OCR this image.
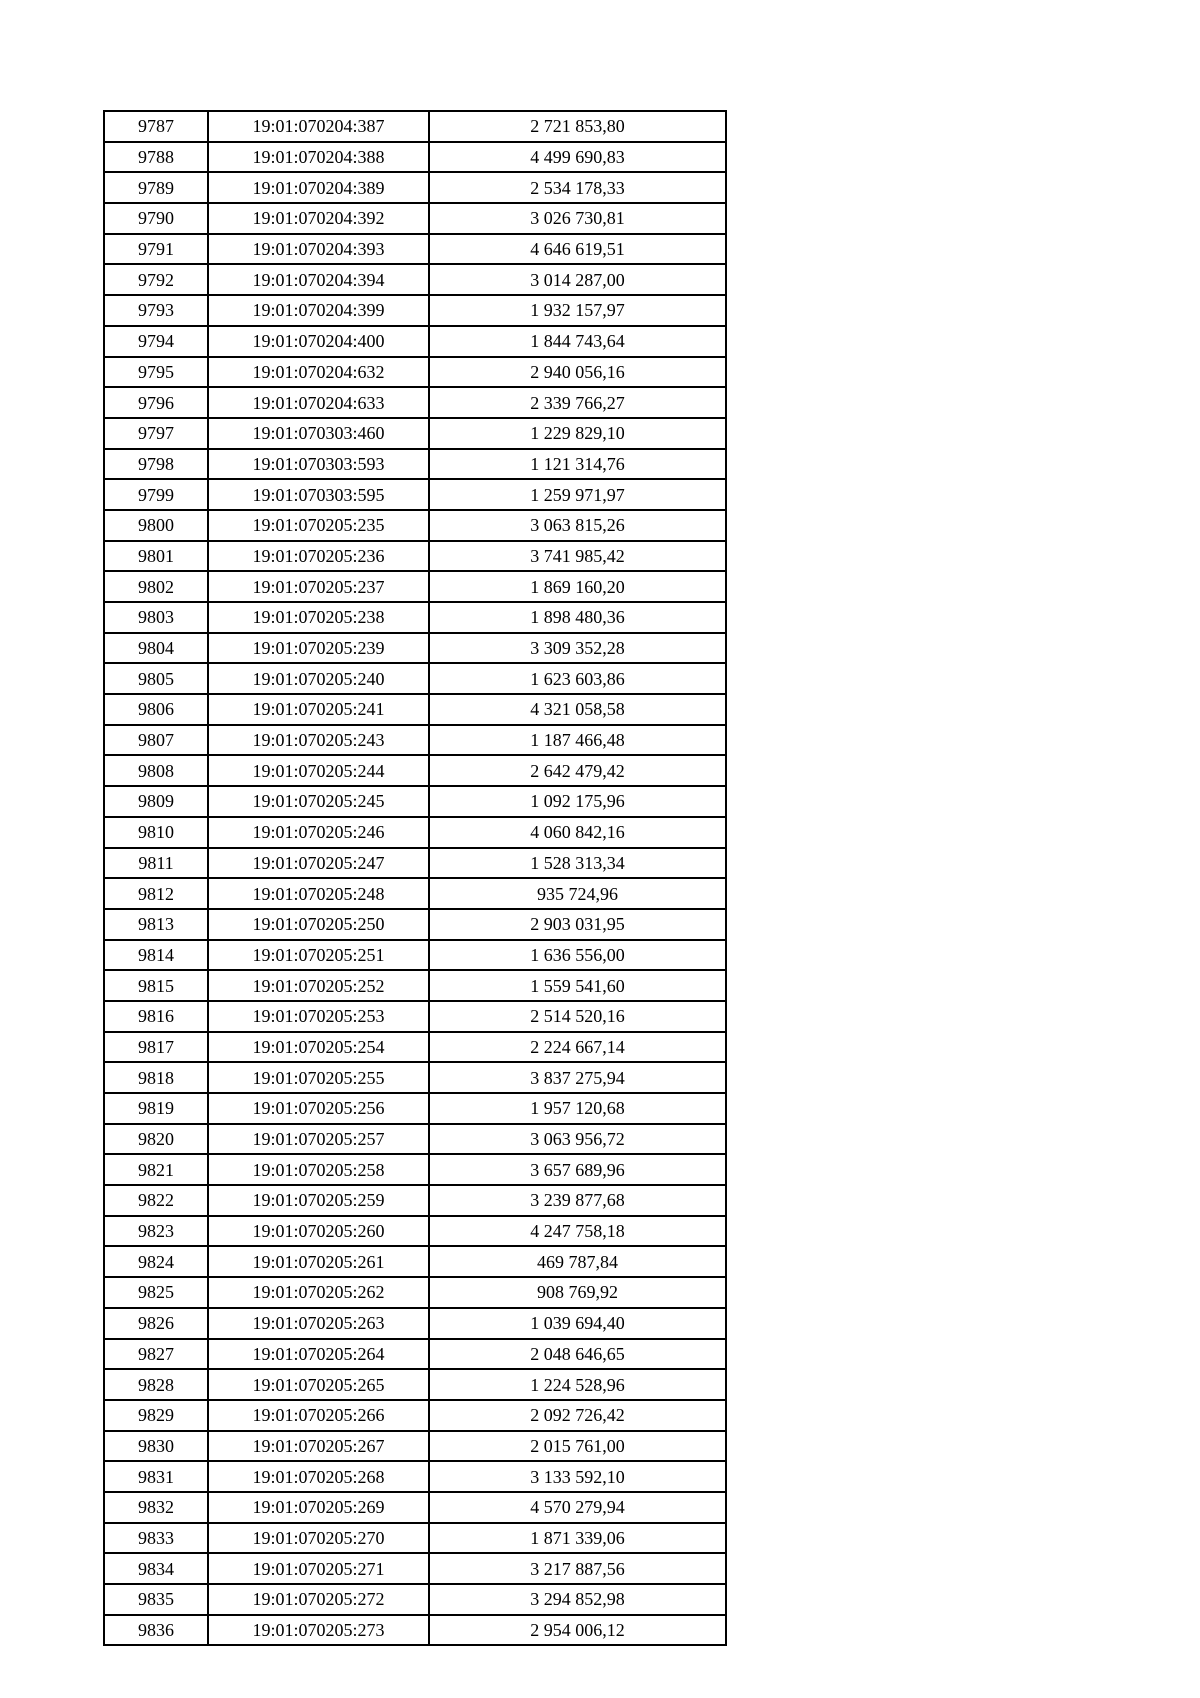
9787	19:01:070204:387	2 721 853,80
9788	19:01:070204:388	4 499 690,83
9789	19:01:070204:389	2 534 178,33
9790	19:01:070204:392	3 026 730,81
9791	19:01:070204:393	4 646 619,51
9792	19:01:070204:394	3 014 287,00
9793	19:01:070204:399	1 932 157,97
9794	19:01:070204:400	1 844 743,64
9795	19:01:070204:632	2 940 056,16
9796	19:01:070204:633	2 339 766,27
9797	19:01:070303:460	1 229 829,10
9798	19:01:070303:593	1 121 314,76
9799	19:01:070303:595	1 259 971,97
9800	19:01:070205:235	3 063 815,26
9801	19:01:070205:236	3 741 985,42
9802	19:01:070205:237	1 869 160,20
9803	19:01:070205:238	1 898 480,36
9804	19:01:070205:239	3 309 352,28
9805	19:01:070205:240	1 623 603,86
9806	19:01:070205:241	4 321 058,58
9807	19:01:070205:243	1 187 466,48
9808	19:01:070205:244	2 642 479,42
9809	19:01:070205:245	1 092 175,96
9810	19:01:070205:246	4 060 842,16
9811	19:01:070205:247	1 528 313,34
9812	19:01:070205:248	935 724,96
9813	19:01:070205:250	2 903 031,95
9814	19:01:070205:251	1 636 556,00
9815	19:01:070205:252	1 559 541,60
9816	19:01:070205:253	2 514 520,16
9817	19:01:070205:254	2 224 667,14
9818	19:01:070205:255	3 837 275,94
9819	19:01:070205:256	1 957 120,68
9820	19:01:070205:257	3 063 956,72
9821	19:01:070205:258	3 657 689,96
9822	19:01:070205:259	3 239 877,68
9823	19:01:070205:260	4 247 758,18
9824	19:01:070205:261	469 787,84
9825	19:01:070205:262	908 769,92
9826	19:01:070205:263	1 039 694,40
9827	19:01:070205:264	2 048 646,65
9828	19:01:070205:265	1 224 528,96
9829	19:01:070205:266	2 092 726,42
9830	19:01:070205:267	2 015 761,00
9831	19:01:070205:268	3 133 592,10
9832	19:01:070205:269	4 570 279,94
9833	19:01:070205:270	1 871 339,06
9834	19:01:070205:271	3 217 887,56
9835	19:01:070205:272	3 294 852,98
9836	19:01:070205:273	2 954 006,12
